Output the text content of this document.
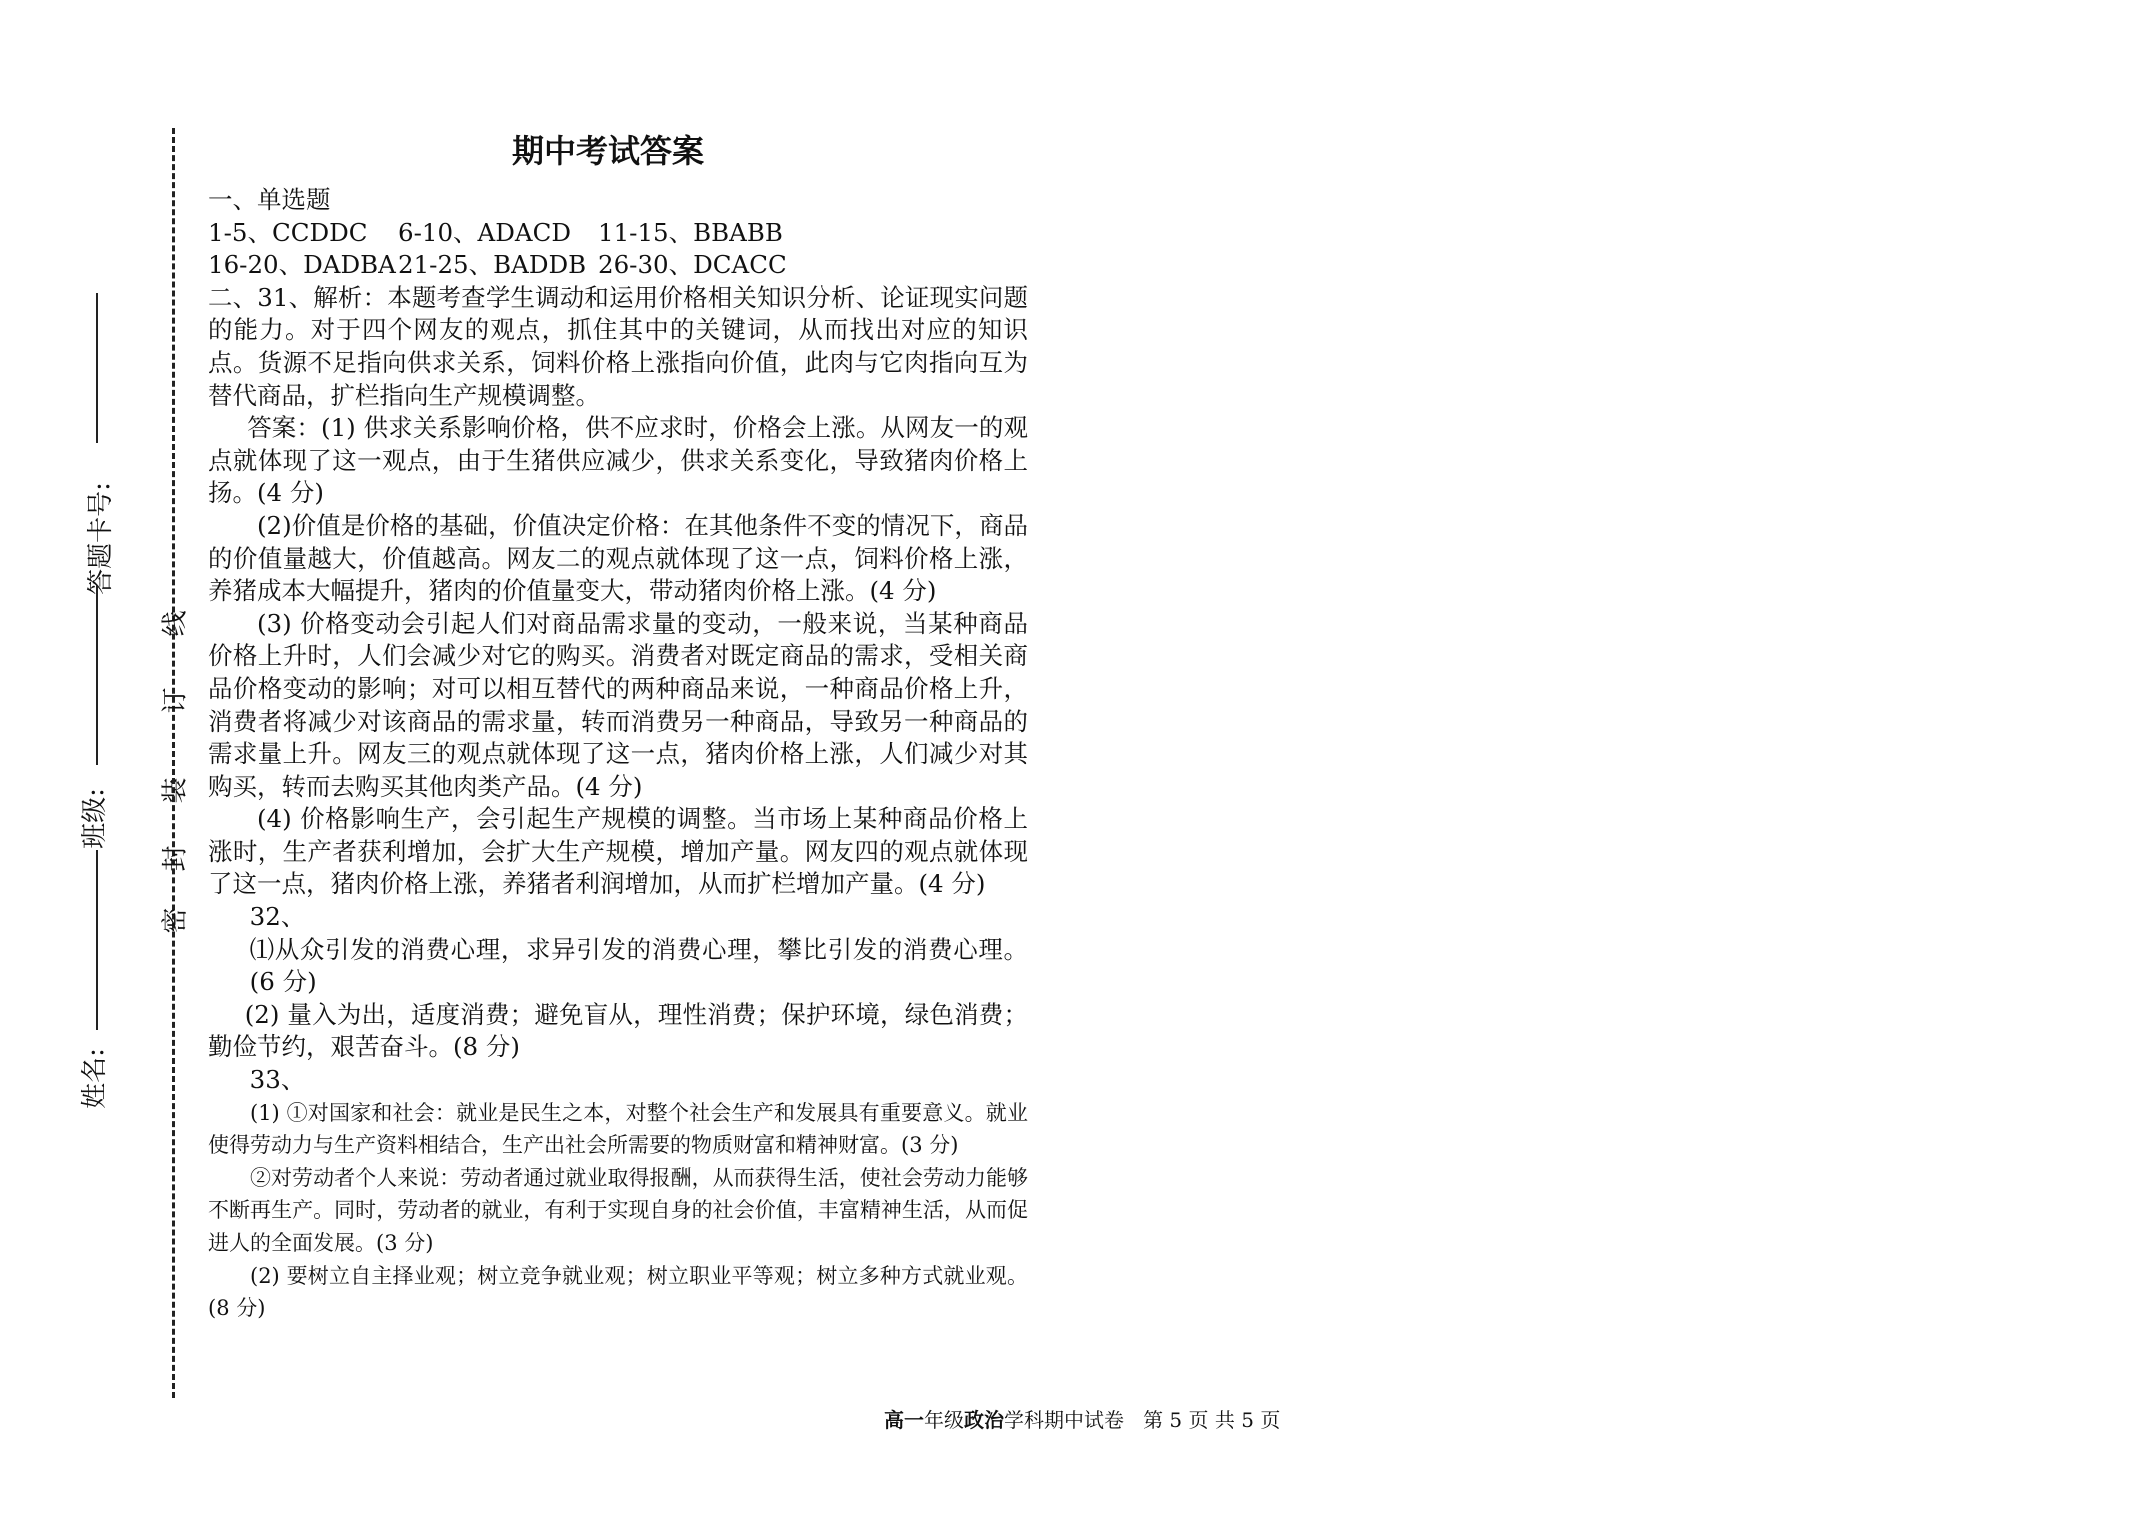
答题卡号:
班级:
姓名:
密
封
装
订
线
期中考试答案

一、单选题

1-5、CCDDC 6-10、ADACD 11-15、BBABB

16-20、DADBA21-25、BADDB 26-30、DCACC

二、31、解析：本题考查学生调动和运用价格相关知识分析、论证现实问题的能力。对于四个网友的观点，抓住其中的关键词，从而找出对应的知识点。货源不足指向供求关系，饲料价格上涨指向价值，此肉与它肉指向互为替代商品，扩栏指向生产规模调整。

答案：(1) 供求关系影响价格，供不应求时，价格会上涨。从网友一的观点就体现了这一观点，由于生猪供应减少，供求关系变化，导致猪肉价格上扬。(4 分)

(2)价值是价格的基础，价值决定价格：在其他条件不变的情况下，商品的价值量越大，价值越高。网友二的观点就体现了这一点，饲料价格上涨，养猪成本大幅提升，猪肉的价值量变大，带动猪肉价格上涨。(4 分)

(3) 价格变动会引起人们对商品需求量的变动，一般来说，当某种商品价格上升时，人们会减少对它的购买。消费者对既定商品的需求，受相关商品价格变动的影响；对可以相互替代的两种商品来说，一种商品价格上升，消费者将减少对该商品的需求量，转而消费另一种商品，导致另一种商品的需求量上升。网友三的观点就体现了这一点，猪肉价格上涨，人们减少对其购买，转而去购买其他肉类产品。(4 分)

(4) 价格影响生产，会引起生产规模的调整。当市场上某种商品价格上涨时，生产者获利增加，会扩大生产规模，增加产量。网友四的观点就体现了这一点，猪肉价格上涨，养猪者利润增加，从而扩栏增加产量。(4 分)

32、

⑴从众引发的消费心理，求异引发的消费心理，攀比引发的消费心理。(6 分)

(2) 量入为出，适度消费；避免盲从，理性消费；保护环境，绿色消费；勤俭节约，艰苦奋斗。(8 分)

33、

(1) ①对国家和社会：就业是民生之本，对整个社会生产和发展具有重要意义。就业使得劳动力与生产资料相结合，生产出社会所需要的物质财富和精神财富。(3 分)

②对劳动者个人来说：劳动者通过就业取得报酬，从而获得生活，使社会劳动力能够不断再生产。同时，劳动者的就业，有利于实现自身的社会价值，丰富精神生活，从而促进人的全面发展。(3 分)

(2) 要树立自主择业观；树立竞争就业观；树立职业平等观；树立多种方式就业观。(8 分)

高一年级政治学科期中试卷 第 5 页 共 5 页
